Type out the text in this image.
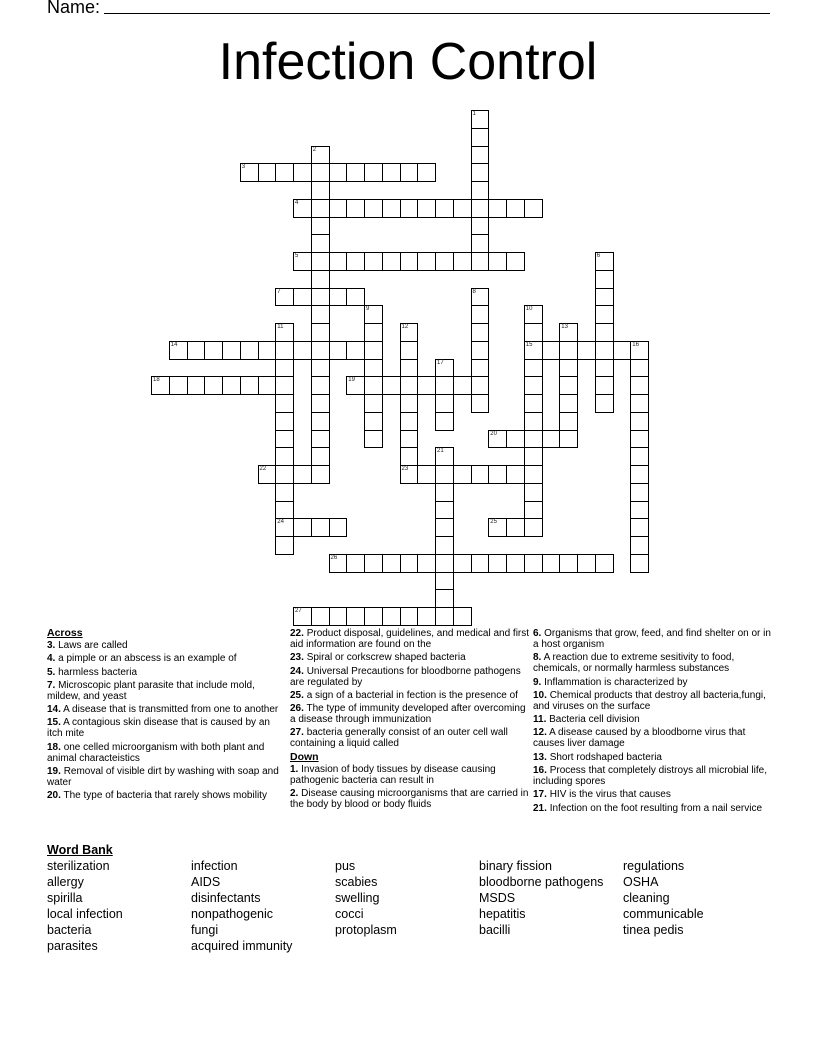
Name:
Infection Control
1
2
3
4
5	6
7	8
9	10
15
11
24
12
23
13
14	16
17
18	19
20
21
22
25
26
27
Across
3. Laws are called
4. a pimple or an abscess is an example of
5. harmless bacteria
7. Microscopic plant parasite that include mold, mildew, and yeast
14. A disease that is transmitted from one to another
15. A contagious skin disease that is caused by an itch mite
18. one celled microorganism with both plant and animal characteistics
19. Removal of visible dirt by washing with soap and water
20. The type of bacteria that rarely shows mobility
22. Product disposal, guidelines, and medical and first aid information are found on the
23. Spiral or corkscrew shaped bacteria
24. Universal Precautions for bloodborne pathogens are regulated by
25. a sign of a bacterial in fection is the presence of
26. The type of immunity developed after overcoming a disease through immunization
27. bacteria generally consist of an outer cell wall containing a liquid called
Down
1. Invasion of body tissues by disease causing pathogenic bacteria can result in
2. Disease causing microorganisms that are carried in the body by blood or body fluids
6. Organisms that grow, feed, and find shelter on or in a host organism
8. A reaction due to extreme sesitivity to food, chemicals, or normally harmless substances
9. Inflammation is characterized by
10. Chemical products that destroy all bacteria,fungi, and viruses on the surface
11. Bacteria cell division
12. A disease caused by a bloodborne virus that causes liver damage
13. Short rodshaped bacteria
16. Process that completely distroys all microbial life, including spores
17. HIV is the virus that causes
21. Infection on the foot resulting from a nail service
Word Bank
sterilization
allergy
spirilla
local infection
bacteria
parasites
infection
AIDS
disinfectants
nonpathogenic
fungi
acquired immunity
pus
scabies
swelling
cocci
protoplasm
binary fission
bloodborne pathogens
MSDS
hepatitis
bacilli
regulations
OSHA
cleaning
communicable
tinea pedis
